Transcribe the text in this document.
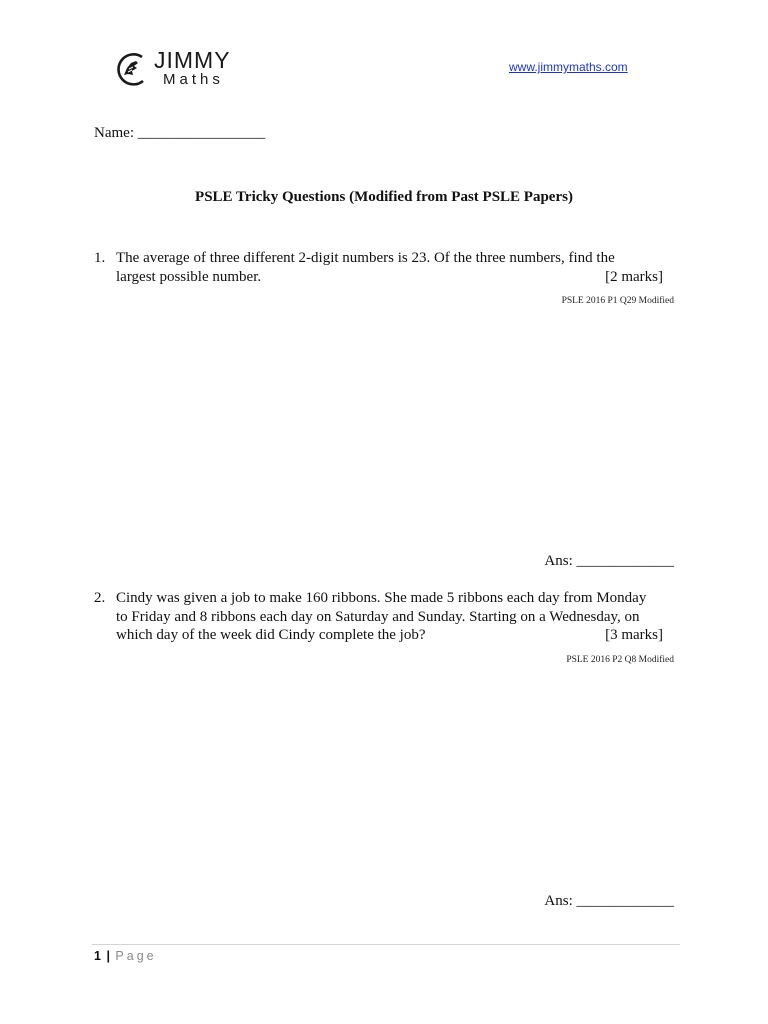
JIMMY
Maths
www.jimmymaths.com
Name: _________________
PSLE Tricky Questions (Modified from Past PSLE Papers)
1. The average of three different 2-digit numbers is 23. Of the three numbers, find the
largest possible number.	[2 marks]
PSLE 2016 P1 Q29 Modified
Ans: _____________
2. Cindy was given a job to make 160 ribbons. She made 5 ribbons each day from Monday
to Friday and 8 ribbons each day on Saturday and Sunday. Starting on a Wednesday, on
which day of the week did Cindy complete the job?	[3 marks]
PSLE 2016 P2 Q8 Modified
Ans: _____________
1 | Page
